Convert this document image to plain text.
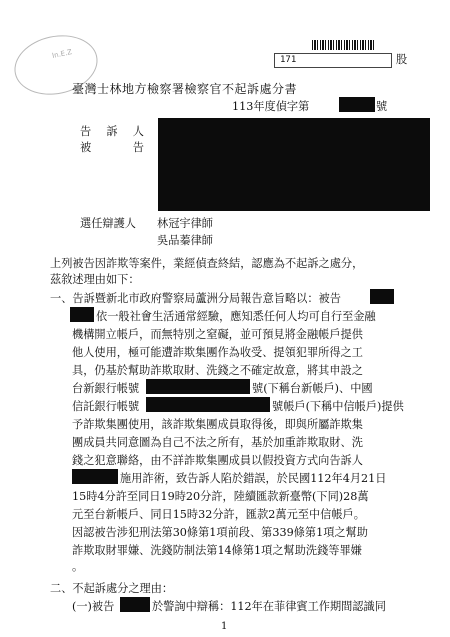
In.E.Z	171	股
臺灣士林地方檢察署檢察官不起訴處分書
113年度偵字第	號
告　訴　人
被　　　告
選任辯護人 林冠宇律師
吳品蓁律師
上列被告因詐欺等案件，業經偵查終結，認應為不起訴之處分，
茲敘述理由如下：
一、告訴暨新北市政府警察局蘆洲分局報告意旨略以：被告
依一般社會生活通常經驗，應知悉任何人均可自行至金融
機構開立帳戶，而無特別之窒礙，並可預見將金融帳戶提供
他人使用，極可能遭詐欺集團作為收受、提領犯罪所得之工
具，仍基於幫助詐欺取財、洗錢之不確定故意，將其申設之
台新銀行帳號	號(下稱台新帳戶)、中國
信託銀行帳號	號帳戶(下稱中信帳戶)提供
予詐欺集團使用，該詐欺集團成員取得後，即與所屬詐欺集
團成員共同意圖為自己不法之所有，基於加重詐欺取財、洗
錢之犯意聯絡，由不詳詐欺集團成員以假投資方式向告訴人
施用詐術，致告訴人陷於錯誤，於民國112年4月21日
15時4分許至同日19時20分許，陸續匯款新臺幣(下同)28萬
元至台新帳戶、同日15時32分許，匯款2萬元至中信帳戶。
因認被告涉犯刑法第30條第1項前段、第339條第1項之幫助
詐欺取財罪嫌、洗錢防制法第14條第1項之幫助洗錢等罪嫌
。
二、不起訴處分之理由：
(一)被告	於警詢中辯稱：112年在菲律賓工作期間認識同
1
